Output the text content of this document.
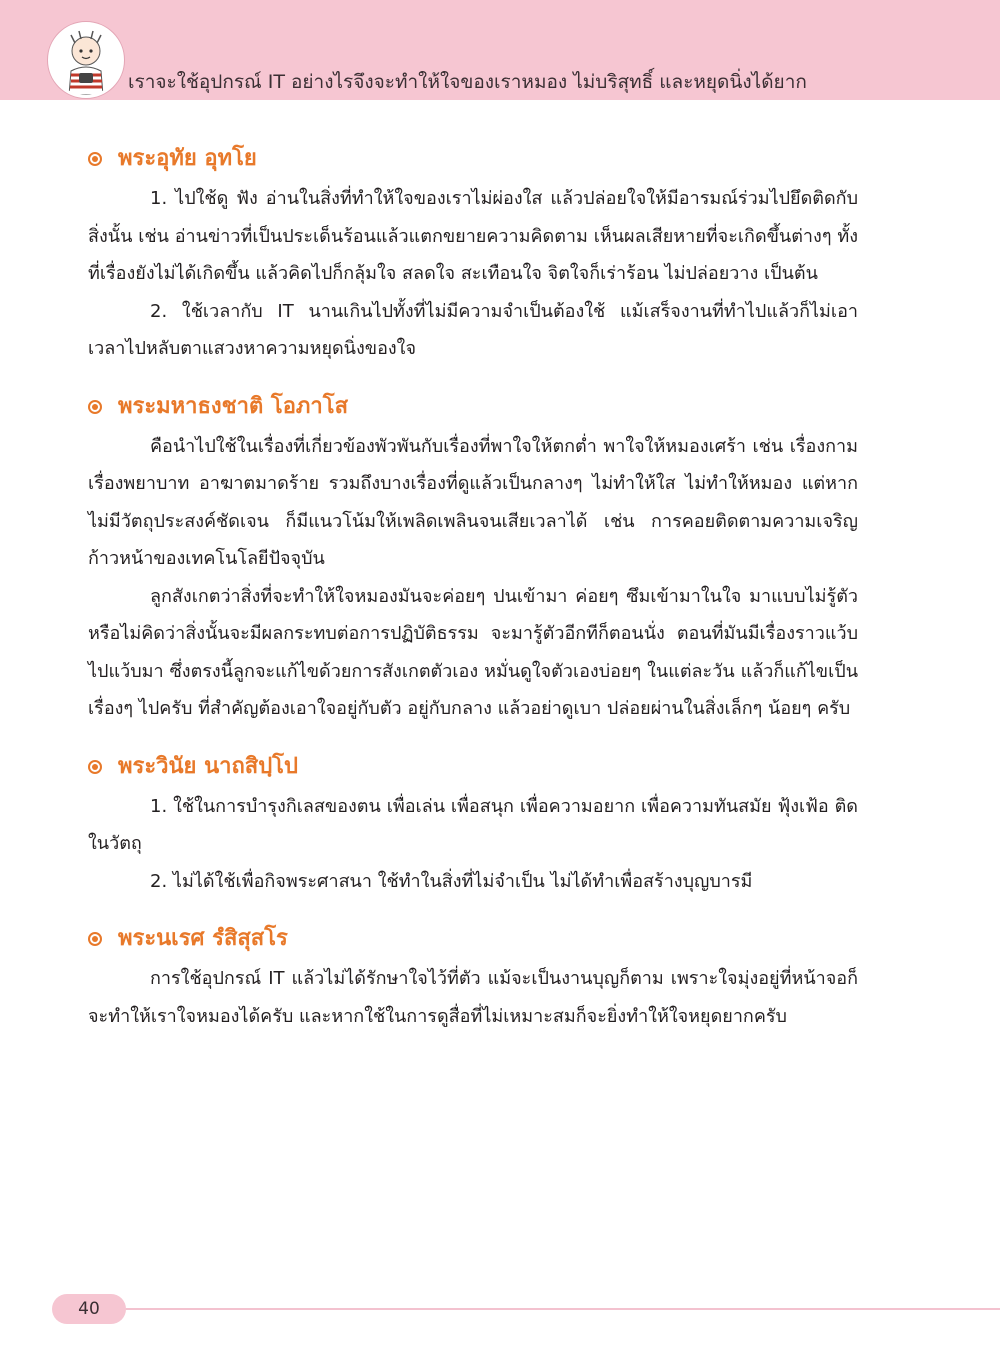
เราจะใช้อุปกรณ์ IT อย่างไรจึงจะทำให้ใจของเราหมอง ไม่บริสุทธิ์ และหยุดนิ่งได้ยาก
พระอุทัย อุทโย

1. ไปใช้ดู ฟัง อ่านในสิ่งที่ทำให้ใจของเราไม่ผ่องใส แล้วปล่อยใจให้มีอารมณ์ร่วมไปยึดติดกับสิ่งนั้น เช่น อ่านข่าวที่เป็นประเด็นร้อนแล้วแตกขยายความคิดตาม เห็นผลเสียหายที่จะเกิดขึ้นต่างๆ ทั้งที่เรื่องยังไม่ได้เกิดขึ้น แล้วคิดไปก็กลุ้มใจ สลดใจ สะเทือนใจ จิตใจก็เร่าร้อน ไม่ปล่อยวาง เป็นต้น

2. ใช้เวลากับ IT นานเกินไปทั้งที่ไม่มีความจำเป็นต้องใช้ แม้เสร็จงานที่ทำไปแล้วก็ไม่เอาเวลาไปหลับตาแสวงหาความหยุดนิ่งของใจ

พระมหาธงชาติ โอภาโส

คือนำไปใช้ในเรื่องที่เกี่ยวข้องพัวพันกับเรื่องที่พาใจให้ตกต่ำ พาใจให้หมองเศร้า เช่น เรื่องกาม เรื่องพยาบาท อาฆาตมาดร้าย รวมถึงบางเรื่องที่ดูแล้วเป็นกลางๆ ไม่ทำให้ใส ไม่ทำให้หมอง แต่หากไม่มีวัตถุประสงค์ชัดเจน ก็มีแนวโน้มให้เพลิดเพลินจนเสียเวลาได้ เช่น การคอยติดตามความเจริญก้าวหน้าของเทคโนโลยีปัจจุบัน

ลูกสังเกตว่าสิ่งที่จะทำให้ใจหมองมันจะค่อยๆ ปนเข้ามา ค่อยๆ ซึมเข้ามาในใจ มาแบบไม่รู้ตัวหรือไม่คิดว่าสิ่งนั้นจะมีผลกระทบต่อการปฏิบัติธรรม จะมารู้ตัวอีกทีก็ตอนนั่ง ตอนที่มันมีเรื่องราวแว้บไปแว้บมา ซึ่งตรงนี้ลูกจะแก้ไขด้วยการสังเกตตัวเอง หมั่นดูใจตัวเองบ่อยๆ ในแต่ละวัน แล้วก็แก้ไขเป็นเรื่องๆ ไปครับ ที่สำคัญต้องเอาใจอยู่กับตัว อยู่กับกลาง แล้วอย่าดูเบา ปล่อยผ่านในสิ่งเล็กๆ น้อยๆ ครับ

พระวินัย นาถสิปฺโป

1. ใช้ในการบำรุงกิเลสของตน เพื่อเล่น เพื่อสนุก เพื่อความอยาก เพื่อความทันสมัย ฟุ้งเฟ้อ ติดในวัตถุ

2. ไม่ได้ใช้เพื่อกิจพระศาสนา ใช้ทำในสิ่งที่ไม่จำเป็น ไม่ได้ทำเพื่อสร้างบุญบารมี

พระนเรศ รํสิสุสโร

การใช้อุปกรณ์ IT แล้วไม่ได้รักษาใจไว้ที่ตัว แม้จะเป็นงานบุญก็ตาม เพราะใจมุ่งอยู่ที่หน้าจอก็จะทำให้เราใจหมองได้ครับ และหากใช้ในการดูสื่อที่ไม่เหมาะสมก็จะยิ่งทำให้ใจหยุดยากครับ

40
